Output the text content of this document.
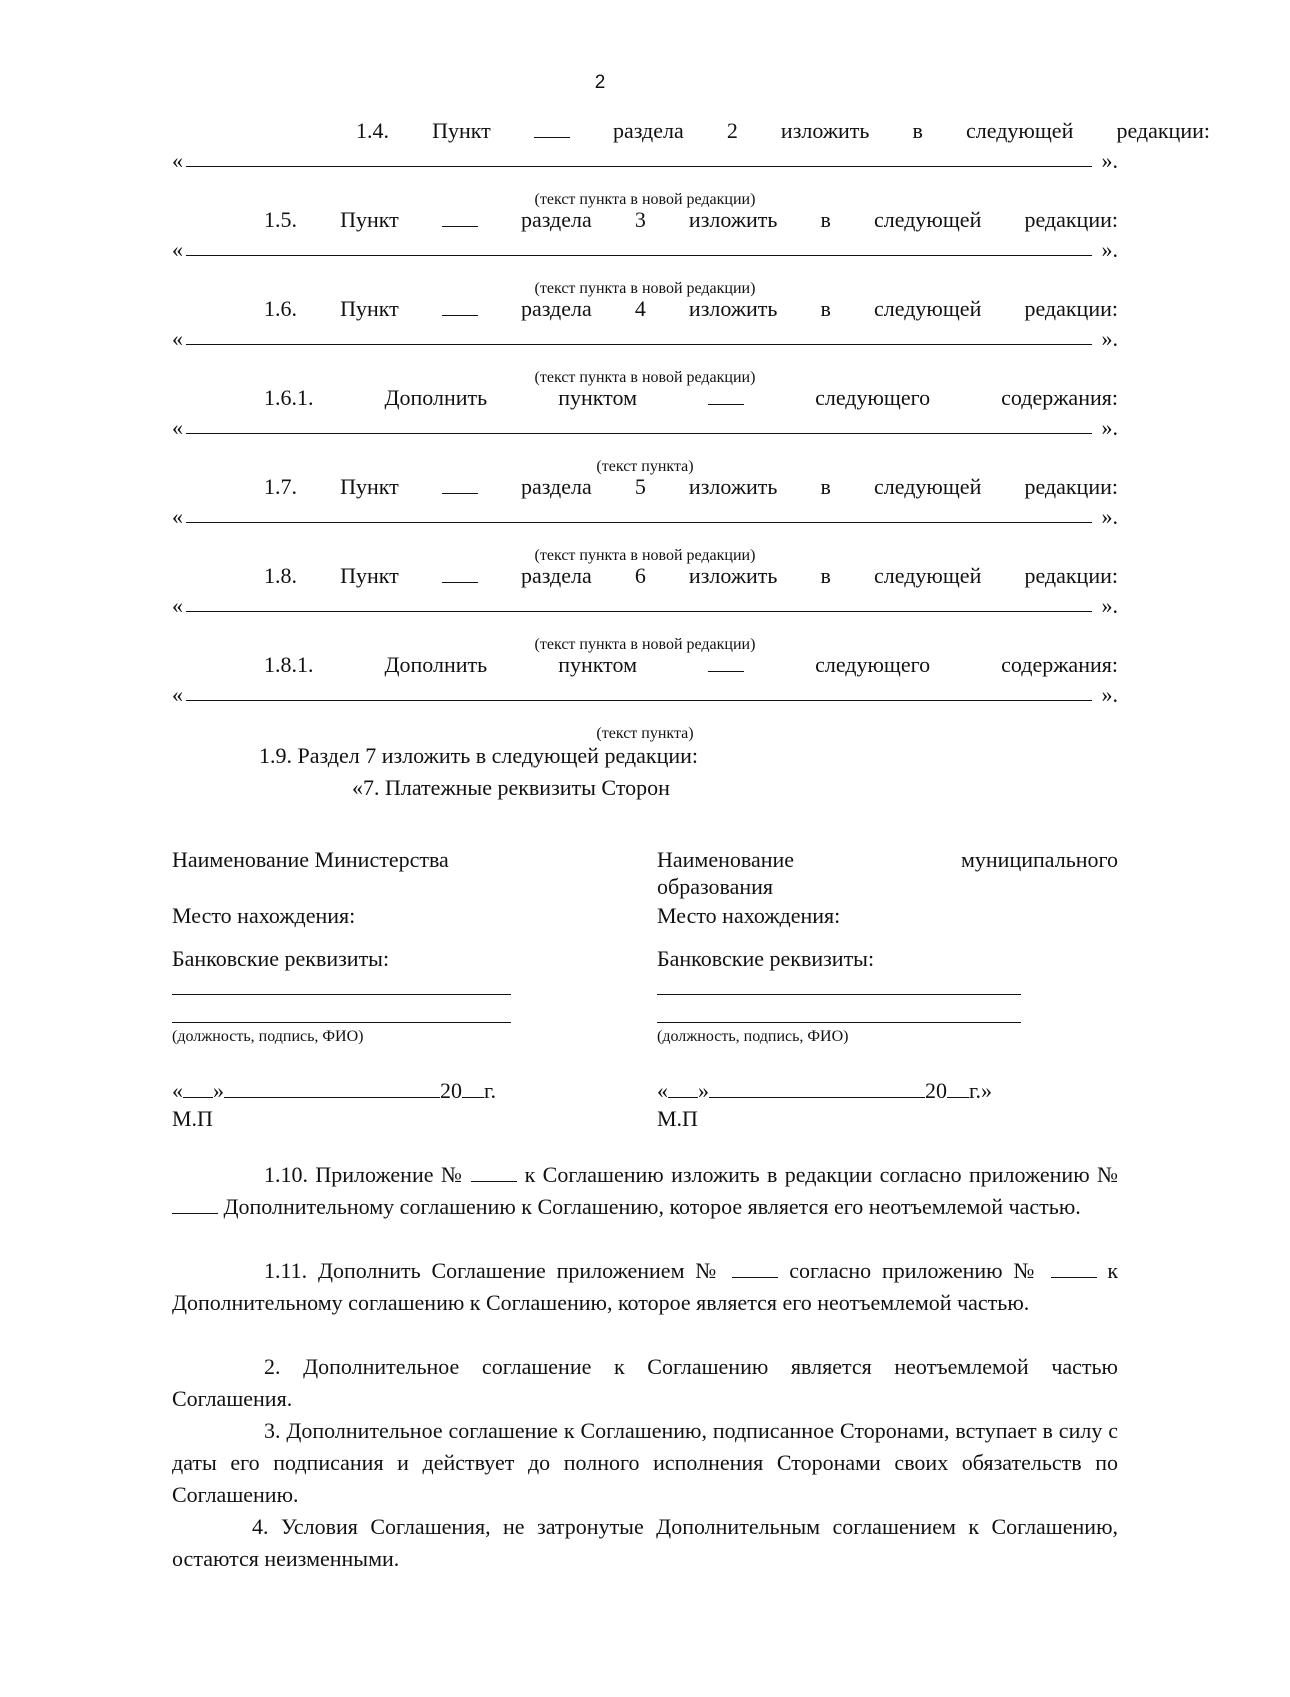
2
1.4. Пункт	раздела 2 изложить в следующей редакции:
«	».
(текст пункта в новой редакции)
1.5. Пункт	раздела 3 изложить в следующей редакции:
«	».
(текст пункта в новой редакции)
1.6. Пункт	раздела 4 изложить в следующей редакции:
«	».
(текст пункта в новой редакции)
1.6.1.	Дополнить	пунктом	следующего	содержания:
«	».
(текст пункта)
1.7. Пункт	раздела 5 изложить в следующей редакции:
«	».
(текст пункта в новой редакции)
1.8. Пункт	раздела 6 изложить в следующей редакции:
«	».
(текст пункта в новой редакции)
1.8.1.	Дополнить	пунктом	следующего	содержания:
«	».
(текст пункта)
1.9. Раздел 7 изложить в следующей редакции:
«7. Платежные реквизиты Сторон
Наименование Министерства
Место нахождения:
Банковские реквизиты:
(должность, подпись, ФИО)
« »	20 г.
М.П
Наименование	муниципального
образования
Место нахождения:
Банковские реквизиты:
(должность, подпись, ФИО)
« »	20 г.»
М.П
1.10. Приложение №	к Соглашению изложить в редакции согласно приложению №  Дополнительному соглашению к Соглашению, которое является его неотъемлемой частью.
1.11. Дополнить Соглашение приложением №	согласно приложению №	к Дополнительному соглашению к Соглашению, которое является его неотъемлемой частью.
2. Дополнительное соглашение к Соглашению является неотъемлемой частью Соглашения.
3. Дополнительное соглашение к Соглашению, подписанное Сторонами, вступает в силу с даты его подписания и действует до полного исполнения Сторонами своих обязательств по Соглашению.
4. Условия Соглашения, не затронутые Дополнительным соглашением к Соглашению, остаются неизменными.
